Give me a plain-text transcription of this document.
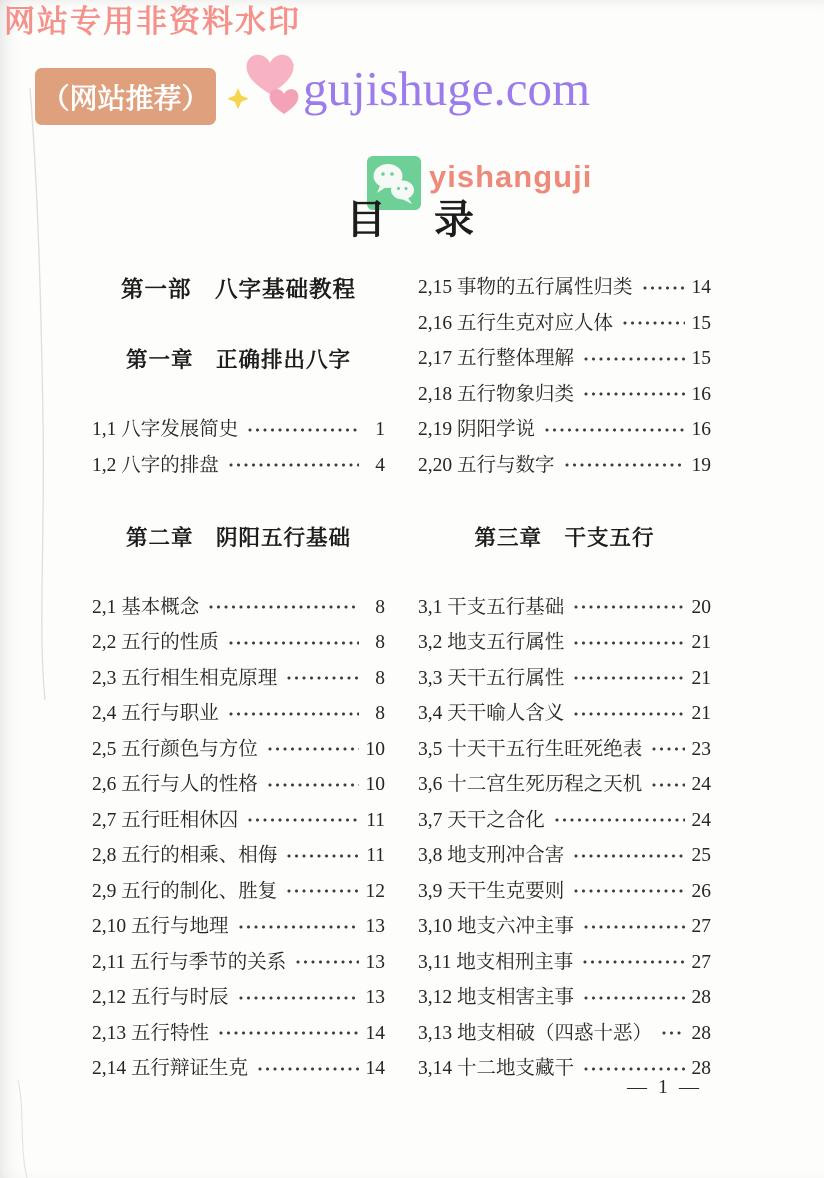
网站专用非资料水印
（网站推荐） gujishuge.com
yishanguji
目　录
第一部　八字基础教程
第一章　正确排出八字
1,1 八字发展简史	1
1,2 八字的排盘	4
第二章　阴阳五行基础
2,1 基本概念	8
2,2 五行的性质	8
2,3 五行相生相克原理	8
2,4 五行与职业	8
2,5 五行颜色与方位	10
2,6 五行与人的性格	10
2,7 五行旺相休囚	11
2,8 五行的相乘、相侮	11
2,9 五行的制化、胜复	12
2,10 五行与地理	13
2,11 五行与季节的关系	13
2,12 五行与时辰	13
2,13 五行特性	14
2,14 五行辩证生克	14
2,15 事物的五行属性归类	14
2,16 五行生克对应人体	15
2,17 五行整体理解	15
2,18 五行物象归类	16
2,19 阴阳学说	16
2,20 五行与数字	19
第三章　干支五行
3,1 干支五行基础	20
3,2 地支五行属性	21
3,3 天干五行属性	21
3,4 天干喻人含义	21
3,5 十天干五行生旺死绝表	23
3,6 十二宫生死历程之天机	24
3,7 天干之合化	24
3,8 地支刑冲合害	25
3,9 天干生克要则	26
3,10 地支六冲主事	27
3,11 地支相刑主事	27
3,12 地支相害主事	28
3,13 地支相破（四惑十恶） 28
3,14 十二地支藏干	28
— 1 —
